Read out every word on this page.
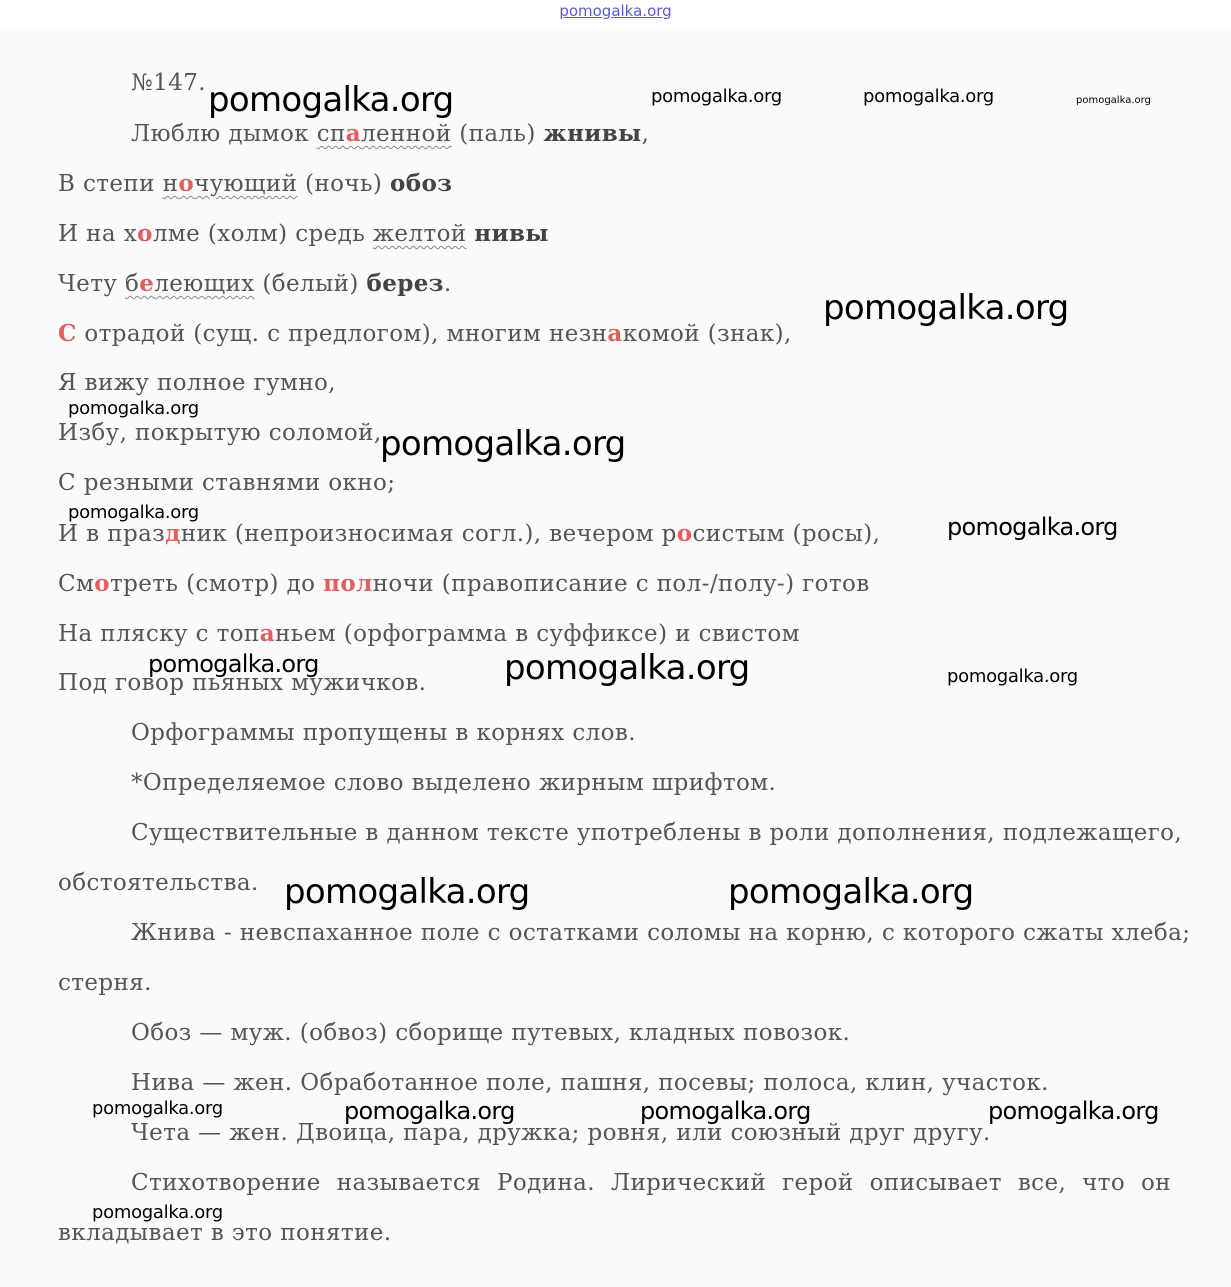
pomogalka.org
№147.
Люблю дымок спаленной (паль) жнивы,
В степи ночующий (ночь) обоз
И на холме (холм) средь желтой нивы
Чету белеющих (белый) берез.
С отрадой (сущ. с предлогом), многим незнакомой (знак),
Я вижу полное гумно,
Избу, покрытую соломой,
С резными ставнями окно;
И в праздник (непроизносимая согл.), вечером росистым (росы),
Смотреть (смотр) до полночи (правописание с пол-/полу-) готов
На пляску с топаньем (орфограмма в суффиксе) и свистом
Под говор пьяных мужичков.
Орфограммы пропущены в корнях слов.
*Определяемое слово выделено жирным шрифтом.
Существительные в данном тексте употреблены в роли дополнения, подлежащего,
обстоятельства.
Жнива - невспаханное поле с остатками соломы на корню, с которого сжаты хлеба;
стерня.
Обоз — муж. (обвоз) сборище путевых, кладных повозок.
Нива — жен. Обработанное поле, пашня, посевы; полоса, клин, участок.
Чета — жен. Двоица, пара, дружка; ровня, или союзный друг другу.
Стихотворение называется Родина. Лирический герой описывает все, что он
вкладывает в это понятие.
pomogalka.org	pomogalka.org	pomogalka.org	pomogalka.org
pomogalka.org
pomogalka.org
pomogalka.org
pomogalka.org
pomogalka.org
pomogalka.org	pomogalka.org	pomogalka.org
pomogalka.org	pomogalka.org
pomogalka.org	pomogalka.org	pomogalka.org	pomogalka.org
pomogalka.org
